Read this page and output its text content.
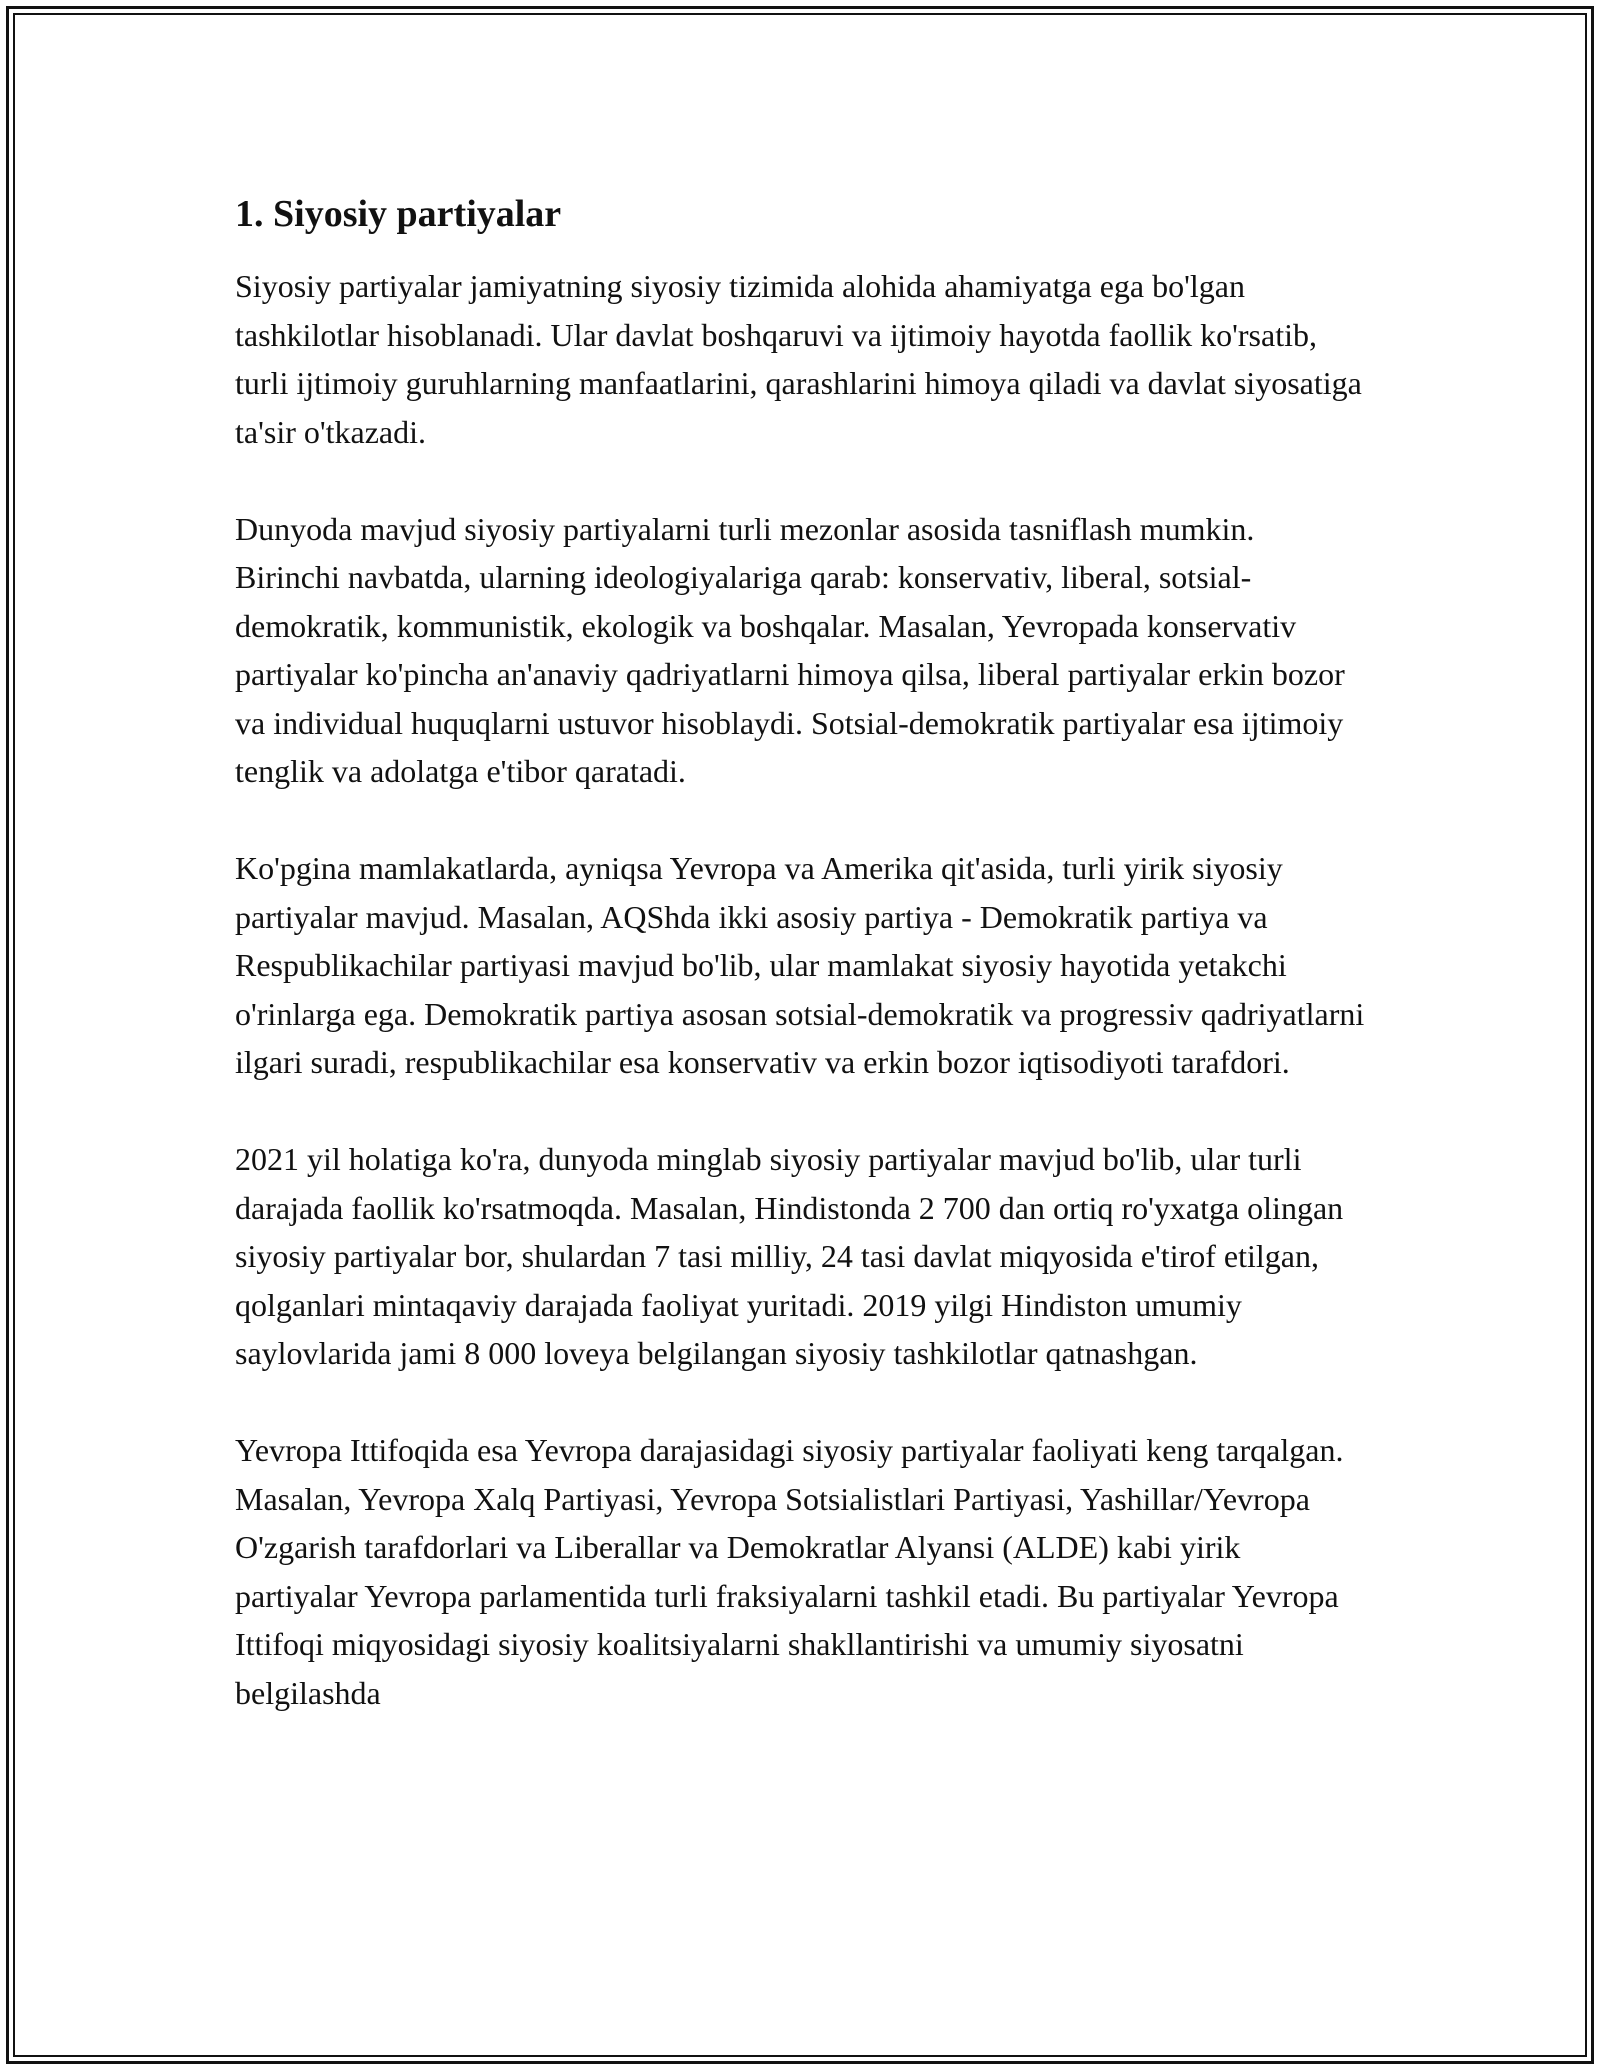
1. Siyosiy partiyalar

Siyosiy partiyalar jamiyatning siyosiy tizimida alohida ahamiyatga ega bo'lgan tashkilotlar hisoblanadi. Ular davlat boshqaruvi va ijtimoiy hayotda faollik ko'rsatib, turli ijtimoiy guruhlarning manfaatlarini, qarashlarini himoya qiladi va davlat siyosatiga ta'sir o'tkazadi.

Dunyoda mavjud siyosiy partiyalarni turli mezonlar asosida tasniflash mumkin. Birinchi navbatda, ularning ideologiyalariga qarab: konservativ, liberal, sotsial-demokratik, kommunistik, ekologik va boshqalar. Masalan, Yevropada konservativ partiyalar ko'pincha an'anaviy qadriyatlarni himoya qilsa, liberal partiyalar erkin bozor va individual huquqlarni ustuvor hisoblaydi. Sotsial-demokratik partiyalar esa ijtimoiy tenglik va adolatga e'tibor qaratadi.

Ko'pgina mamlakatlarda, ayniqsa Yevropa va Amerika qit'asida, turli yirik siyosiy partiyalar mavjud. Masalan, AQShda ikki asosiy partiya - Demokratik partiya va Respublikachilar partiyasi mavjud bo'lib, ular mamlakat siyosiy hayotida yetakchi o'rinlarga ega. Demokratik partiya asosan sotsial-demokratik va progressiv qadriyatlarni ilgari suradi, respublikachilar esa konservativ va erkin bozor iqtisodiyoti tarafdori.

2021 yil holatiga ko'ra, dunyoda minglab siyosiy partiyalar mavjud bo'lib, ular turli darajada faollik ko'rsatmoqda. Masalan, Hindistonda 2 700 dan ortiq ro'yxatga olingan siyosiy partiyalar bor, shulardan 7 tasi milliy, 24 tasi davlat miqyosida e'tirof etilgan, qolganlari mintaqaviy darajada faoliyat yuritadi. 2019 yilgi Hindiston umumiy saylovlarida jami 8 000 loveya belgilangan siyosiy tashkilotlar qatnashgan.

Yevropa Ittifoqida esa Yevropa darajasidagi siyosiy partiyalar faoliyati keng tarqalgan. Masalan, Yevropa Xalq Partiyasi, Yevropa Sotsialistlari Partiyasi, Yashillar/Yevropa O'zgarish tarafdorlari va Liberallar va Demokratlar Alyansi (ALDE) kabi yirik partiyalar Yevropa parlamentida turli fraksiyalarni tashkil etadi. Bu partiyalar Yevropa Ittifoqi miqyosidagi siyosiy koalitsiyalarni shakllantirishi va umumiy siyosatni belgilashda
